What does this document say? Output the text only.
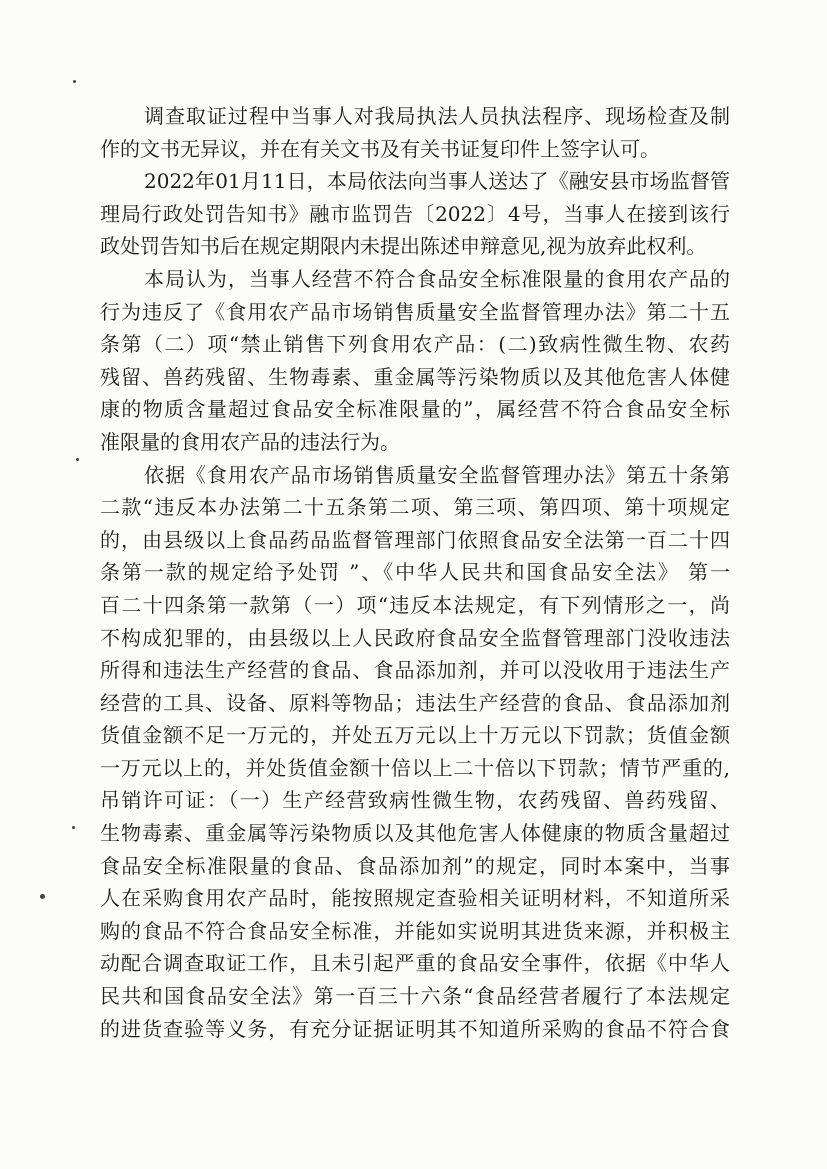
调查取证过程中当事人对我局执法人员执法程序、现场检查及制
作的文书无异议，并在有关文书及有关书证复印件上签字认可。
2022年01月11日，本局依法向当事人送达了《融安县市场监督管
理局行政处罚告知书》融市监罚告〔2022〕4号，当事人在接到该行
政处罚告知书后在规定期限内未提出陈述申辩意见,视为放弃此权利。
本局认为，当事人经营不符合食品安全标准限量的食用农产品的
行为违反了《食用农产品市场销售质量安全监督管理办法》第二十五
条第（二）项“禁止销售下列食用农产品：(二)致病性微生物、农药
残留、兽药残留、生物毒素、重金属等污染物质以及其他危害人体健
康的物质含量超过食品安全标准限量的”，属经营不符合食品安全标
准限量的食用农产品的违法行为。
依据《食用农产品市场销售质量安全监督管理办法》第五十条第
二款“违反本办法第二十五条第二项、第三项、第四项、第十项规定
的，由县级以上食品药品监督管理部门依照食品安全法第一百二十四
条第一款的规定给予处罚 ”、《中华人民共和国食品安全法》 第一
百二十四条第一款第（一）项“违反本法规定，有下列情形之一，尚
不构成犯罪的，由县级以上人民政府食品安全监督管理部门没收违法
所得和违法生产经营的食品、食品添加剂，并可以没收用于违法生产
经营的工具、设备、原料等物品；违法生产经营的食品、食品添加剂
货值金额不足一万元的，并处五万元以上十万元以下罚款；货值金额
一万元以上的，并处货值金额十倍以上二十倍以下罚款；情节严重的,
吊销许可证：（一）生产经营致病性微生物，农药残留、兽药残留、
生物毒素、重金属等污染物质以及其他危害人体健康的物质含量超过
食品安全标准限量的食品、食品添加剂”的规定，同时本案中，当事
人在采购食用农产品时，能按照规定查验相关证明材料，不知道所采
购的食品不符合食品安全标准，并能如实说明其进货来源，并积极主
动配合调查取证工作，且未引起严重的食品安全事件，依据《中华人
民共和国食品安全法》第一百三十六条“食品经营者履行了本法规定
的进货查验等义务，有充分证据证明其不知道所采购的食品不符合食
